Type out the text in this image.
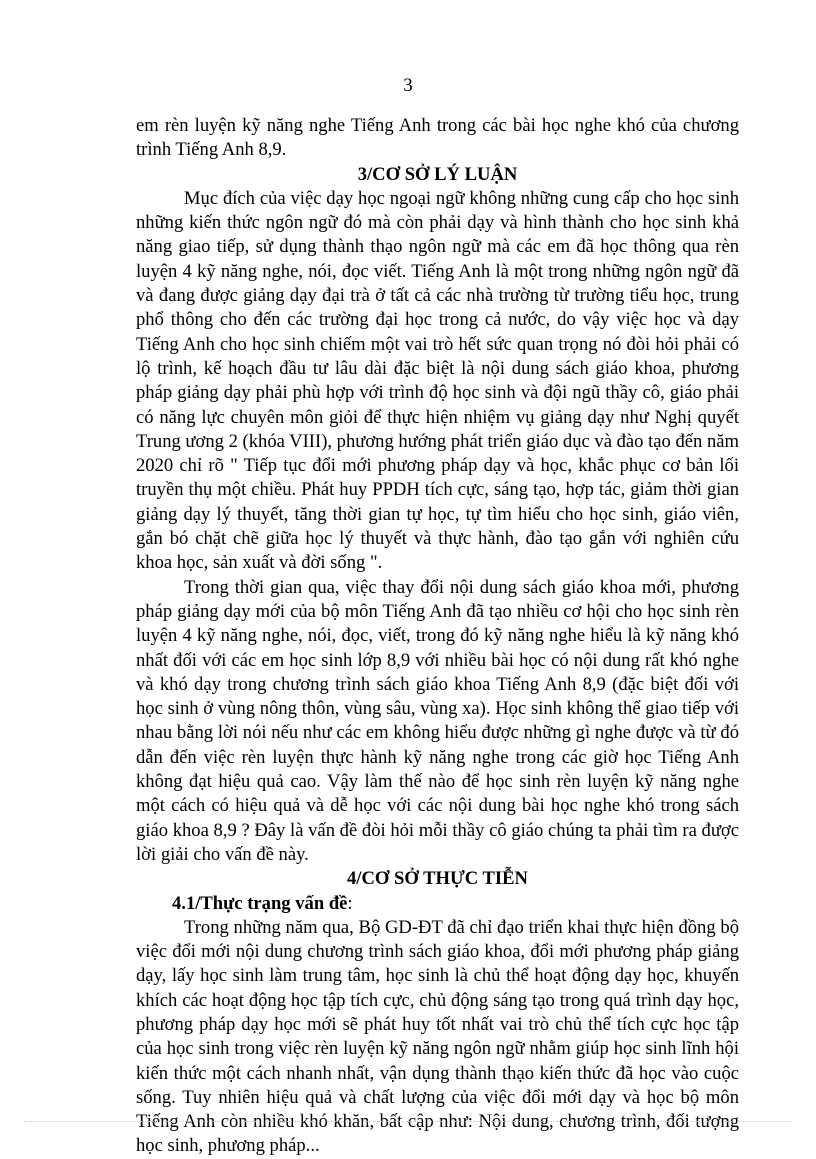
3

em rèn luyện kỹ năng nghe Tiếng Anh trong các bài học nghe khó của chương trình Tiếng Anh 8,9.

3/CƠ SỞ LÝ LUẬN

Mục đích của việc dạy học ngoại ngữ không những cung cấp cho học sinh những kiến thức ngôn ngữ đó mà còn phải dạy và hình thành cho học sinh khả năng giao tiếp, sử dụng thành thạo ngôn ngữ mà các em đã học thông qua rèn luyện 4 kỹ năng nghe, nói, đọc viết. Tiếng Anh là một trong những ngôn ngữ đã và đang được giảng dạy đại trà ở tất cả các nhà trường từ trường tiểu học, trung phổ thông cho đến các trường đại học trong cả nước, do vậy việc học và dạy Tiếng Anh cho học sinh chiếm một vai trò hết sức quan trọng nó đòi hỏi phải có lộ trình, kế hoạch đầu tư lâu dài đặc biệt là nội dung sách giáo khoa, phương pháp giảng dạy phải phù hợp với trình độ học sinh và đội ngũ thầy cô, giáo phải có năng lực chuyên môn giỏi để thực hiện nhiệm vụ giảng dạy như Nghị quyết Trung ương 2 (khóa VIII), phương hướng phát triển giáo dục và đào tạo đến năm 2020 chỉ rõ " Tiếp tục đổi mới phương pháp dạy và học, khắc phục cơ bản lối truyền thụ một chiều. Phát huy PPDH tích cực, sáng tạo, hợp tác, giảm thời gian giảng dạy lý thuyết, tăng thời gian tự học, tự tìm hiểu cho học sinh, giáo viên, gắn bó chặt chẽ giữa học lý thuyết và thực hành, đào tạo gắn với nghiên cứu khoa học, sản xuất và đời sống ".

Trong thời gian qua, việc thay đổi nội dung sách giáo khoa mới, phương pháp giảng dạy mới của bộ môn Tiếng Anh đã tạo nhiều cơ hội cho học sinh rèn luyện 4 kỹ năng nghe, nói, đọc, viết, trong đó kỹ năng nghe hiểu là kỹ năng khó nhất đối với các em học sinh lớp 8,9 với nhiều bài học có nội dung rất khó nghe và khó dạy trong chương trình sách giáo khoa Tiếng Anh 8,9 (đặc biệt đối với học sinh ở vùng nông thôn, vùng sâu, vùng xa). Học sinh không thể giao tiếp với nhau bằng lời nói nếu như các em không hiểu được những gì nghe được và từ đó dẫn đến việc rèn luyện thực hành kỹ năng nghe trong các giờ học Tiếng Anh không đạt hiệu quả cao. Vậy làm thế nào để học sinh rèn luyện kỹ năng nghe một cách có hiệu quả và dễ học với các nội dung bài học nghe khó trong sách giáo khoa 8,9 ? Đây là vấn đề đòi hỏi mỗi thầy cô giáo chúng ta phải tìm ra được lời giải cho vấn đề này.

4/CƠ SỞ THỰC TIỄN
4.1/Thực trạng vấn đề:

Trong những năm qua, Bộ GD-ĐT đã chỉ đạo triển khai thực hiện đồng bộ việc đổi mới nội dung chương trình sách giáo khoa, đổi mới phương pháp giảng dạy, lấy học sinh làm trung tâm, học sinh là chủ thể hoạt động dạy học, khuyến khích các hoạt động học tập tích cực, chủ động sáng tạo trong quá trình dạy học, phương pháp dạy học mới sẽ phát huy tốt nhất vai trò chủ thể tích cực học tập của học sinh trong việc rèn luyện kỹ năng ngôn ngữ nhằm giúp học sinh lĩnh hội kiến thức một cách nhanh nhất, vận dụng thành thạo kiến thức đã học vào cuộc sống. Tuy nhiên hiệu quả và chất lượng của việc đổi mới dạy và học bộ môn Tiếng Anh còn nhiều khó khăn, bất cập như: Nội dung, chương trình, đối tượng học sinh, phương pháp...
